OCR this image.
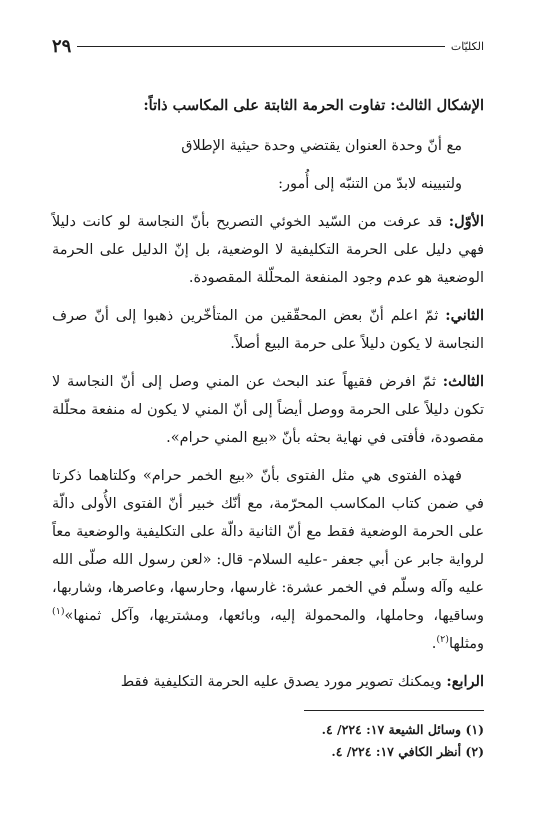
الكليّات
٢٩

الإشكال الثالث: تفاوت الحرمة الثابتة على المكاسب ذاتاً:

مع أنّ وحدة العنوان يقتضي وحدة حيثية الإطلاق

ولتبيينه لابدّ من التنبّه إلى أُمور:

الأوّل: قد عرفت من السّيد الخوئي التصريح بأنّ النجاسة لو كانت دليلاً فهي دليل على الحرمة التكليفية لا الوضعية، بل إنّ الدليل على الحرمة الوضعية هو عدم وجود المنفعة المحلّلة المقصودة.

الثاني: ثمّ اعلم أنّ بعض المحقّقين من المتأخّرين ذهبوا إلى أنّ صرف النجاسة لا يكون دليلاً على حرمة البيع أصلاً.

الثالث: ثمّ افرض فقيهاً عند البحث عن المني وصل إلى أنّ النجاسة لا تكون دليلاً على الحرمة ووصل أيضاً إلى أنّ المني لا يكون له منفعة محلّلة مقصودة، فأفتى في نهاية بحثه بأنّ «بيع المني حرام».

فهذه الفتوى هي مثل الفتوى بأنّ «بيع الخمر حرام» وكلتاهما ذكرتا في ضمن كتاب المكاسب المحرّمة، مع أنّك خبير أنّ الفتوى الأُولى دالّة على الحرمة الوضعية فقط مع أنّ الثانية دالّة على التكليفية والوضعية معاً لرواية جابر عن أبي جعفر -عليه السلام- قال: «لعن رسول الله صلّى الله عليه وآله وسلّم في الخمر عشرة: غارسها، وحارسها، وعاصرها، وشاربها، وساقيها، وحاملها، والمحمولة إليه، وبائعها، ومشتريها، وآكل ثمنها»$^{(١)}$ ومثلها$^{(٢)}$.

الرابع: ويمكنك تصوير مورد يصدق عليه الحرمة التكليفية فقط

(١) وسائل الشيعة ١٧: ٢٢٤/ ٤.
(٢) أنظر الكافي ١٧: ٢٢٤/ ٤.
